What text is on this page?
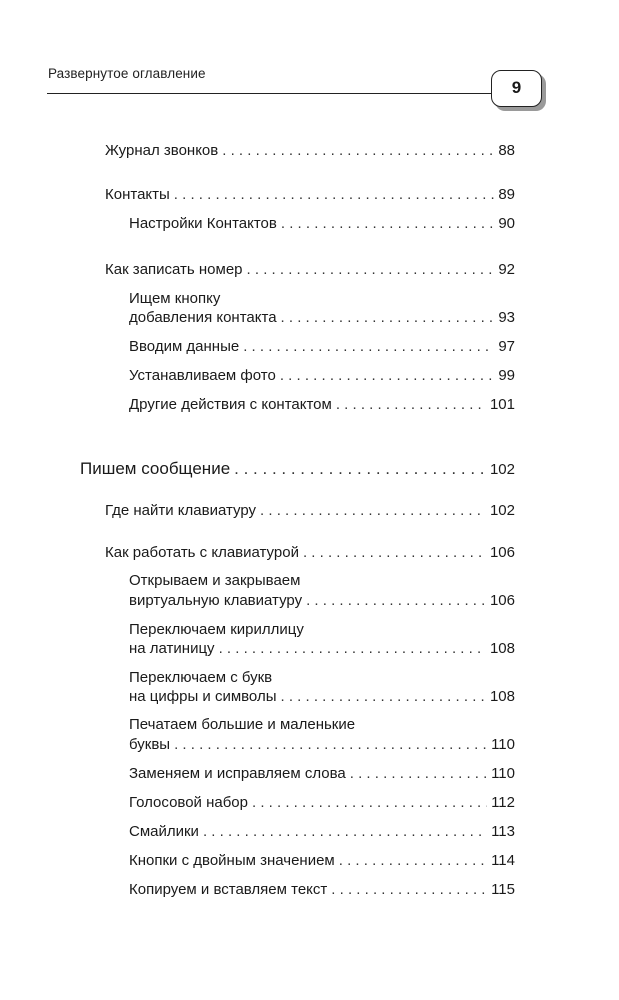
Развернутое оглавление
9
Журнал звонков . . .	88
Контакты . . .	89
Настройки Контактов . . .	90
Как записать номер . . .	92
Ищем кнопку
добавления контакта . . .	93
Вводим данные . . .	97
Устанавливаем фото . . .	99
Другие действия с контактом . . .	101
Пишем сообщение . . .	102
Где найти клавиатуру . . .	102
Как работать с клавиатурой . . .	106
Открываем и закрываем
виртуальную клавиатуру . . .	106
Переключаем кириллицу
на латиницу . . .	108
Переключаем с букв
на цифры и символы . . .	108
Печатаем большие и маленькие
буквы . . .	110
Заменяем и исправляем слова . . .	110
Голосовой набор . . .	112
Смайлики . . .	113
Кнопки с двойным значением . . .	114
Копируем и вставляем текст . . .	115
